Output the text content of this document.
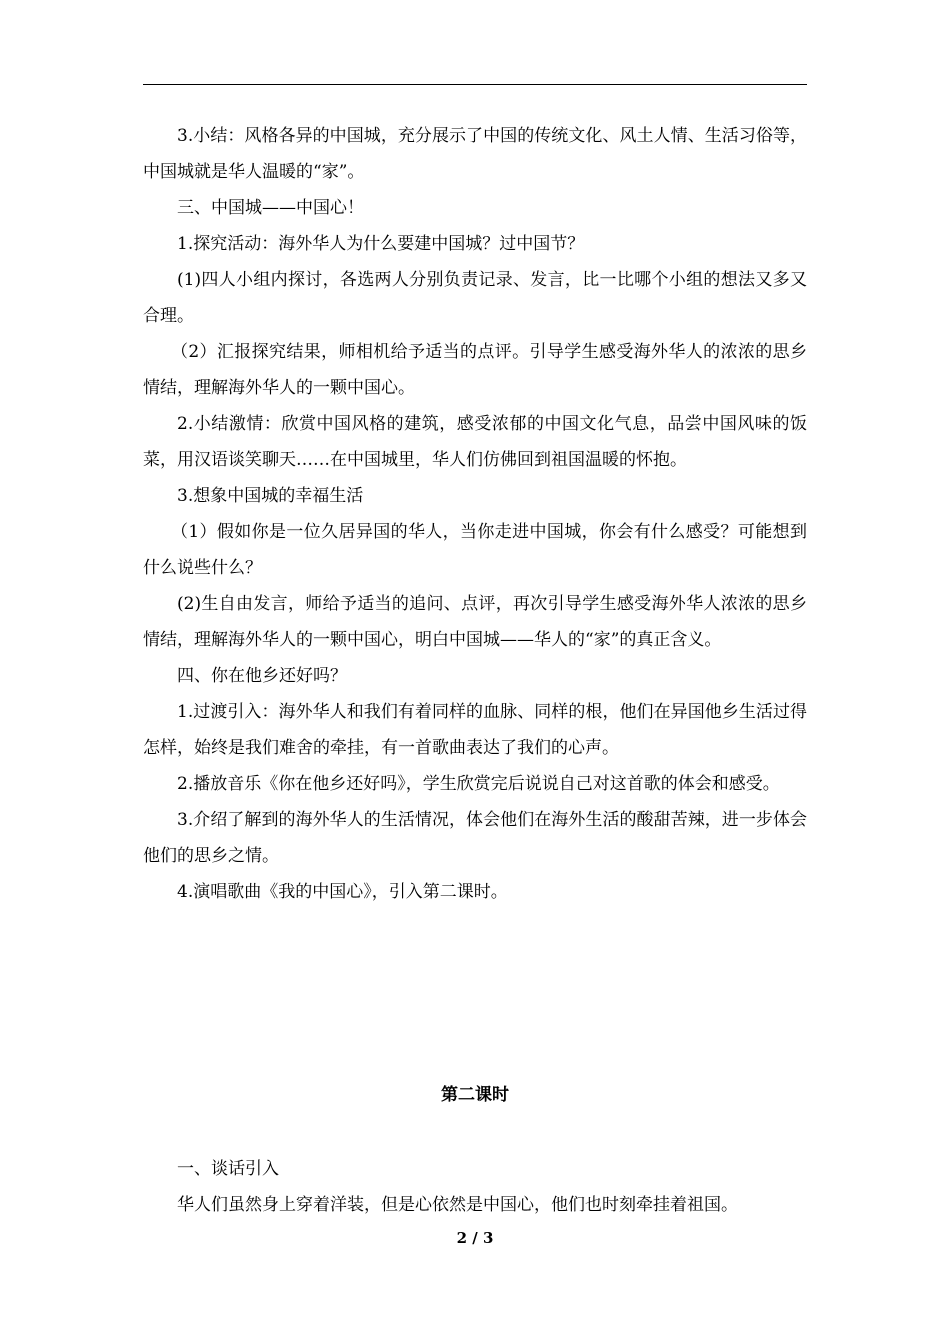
3.小结：风格各异的中国城，充分展示了中国的传统文化、风土人情、生活习俗等，中国城就是华人温暖的“家”。

三、中国城——中国心！

1.探究活动：海外华人为什么要建中国城？过中国节？

(1)四人小组内探讨，各选两人分别负责记录、发言，比一比哪个小组的想法又多又合理。

（2）汇报探究结果，师相机给予适当的点评。引导学生感受海外华人的浓浓的思乡情结，理解海外华人的一颗中国心。

2.小结激情：欣赏中国风格的建筑，感受浓郁的中国文化气息，品尝中国风味的饭菜，用汉语谈笑聊天……在中国城里，华人们仿佛回到祖国温暖的怀抱。

3.想象中国城的幸福生活

（1）假如你是一位久居异国的华人，当你走进中国城，你会有什么感受？可能想到什么说些什么？

(2)生自由发言，师给予适当的追问、点评，再次引导学生感受海外华人浓浓的思乡情结，理解海外华人的一颗中国心，明白中国城——华人的“家”的真正含义。

四、你在他乡还好吗？

1.过渡引入：海外华人和我们有着同样的血脉、同样的根，他们在异国他乡生活过得怎样，始终是我们难舍的牵挂，有一首歌曲表达了我们的心声。

2.播放音乐《你在他乡还好吗》，学生欣赏完后说说自己对这首歌的体会和感受。

3.介绍了解到的海外华人的生活情况，体会他们在海外生活的酸甜苦辣，进一步体会他们的思乡之情。

4.演唱歌曲《我的中国心》，引入第二课时。

第二课时

一、谈话引入

华人们虽然身上穿着洋装，但是心依然是中国心，他们也时刻牵挂着祖国。

2 / 3
